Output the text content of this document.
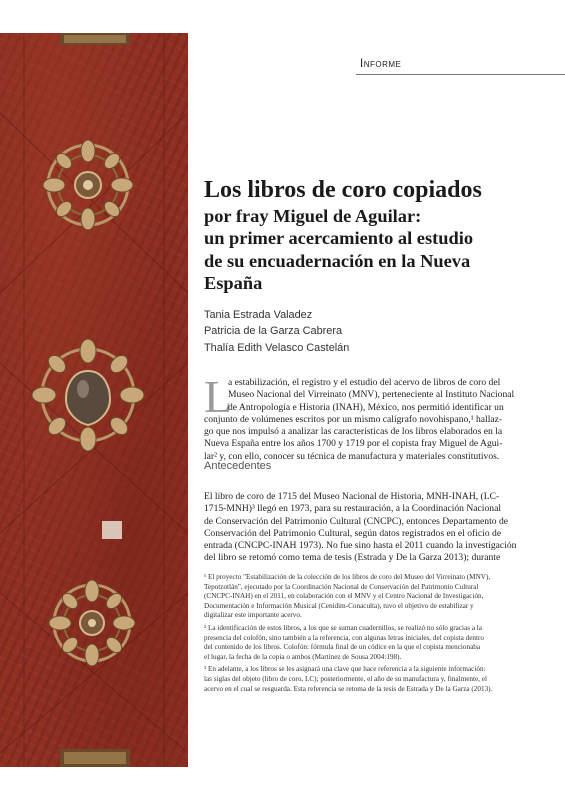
Informe
Los libros de coro copiados
por fray Miguel de Aguilar:
un primer acercamiento al estudio
de su encuadernación en la Nueva
España
Tania Estrada Valadez
Patricia de la Garza Cabrera
Thalía Edith Velasco Castelán
L
a estabilización, el registro y el estudio del acervo de libros de coro del
Museo Nacional del Virreinato (MNV), perteneciente al Instituto Nacional
de Antropología e Historia (INAH), México, nos permitió identificar un
conjunto de volúmenes escritos por un mismo calígrafo novohispano,¹ hallaz-
go que nos impulsó a analizar las características de los libros elaborados en la
Nueva España entre los años 1700 y 1719 por el copista fray Miguel de Agui-
lar² y, con ello, conocer su técnica de manufactura y materiales constitutivos.
Antecedentes
El libro de coro de 1715 del Museo Nacional de Historia, MNH-INAH, (LC-
1715-MNH)³ llegó en 1973, para su restauración, a la Coordinación Nacional
de Conservación del Patrimonio Cultural (CNCPC), entonces Departamento de
Conservación del Patrimonio Cultural, según datos registrados en el oficio de
entrada (CNCPC-INAH 1973). No fue sino hasta el 2011 cuando la investigación
del libro se retomó como tema de tesis (Estrada y De la Garza 2013); durante
¹ El proyecto "Estabilización de la colección de los libros de coro del Museo del Virreinato (MNV),
Tepotzotlán", ejecutado por la Coordinación Nacional de Conservación del Patrimonio Cultural
(CNCPC-INAH) en el 2011, en colaboración con el MNV y el Centro Nacional de Investigación,
Documentación e Información Musical (Cenidim-Conaculta), tuvo el objetivo de estabilizar y
digitalizar este importante acervo.
² La identificación de estos libros, a los que se suman cuadernillos, se realizó no sólo gracias a la
presencia del colofón, sino también a la referencia, con algunas letras iniciales, del copista dentro
del contenido de los libros. Colofón: fórmula final de un códice en la que el copista mencionaba
el lugar, la fecha de la copia o ambos (Martínez de Sousa 2004:198).
³ En adelante, a los libros se les asignará una clave que hace referencia a la siguiente información:
las siglas del objeto (libro de coro, LC); posteriormente, el año de su manufactura y, finalmente, el
acervo en el cual se resguarda. Esta referencia se retoma de la tesis de Estrada y De la Garza (2013).
